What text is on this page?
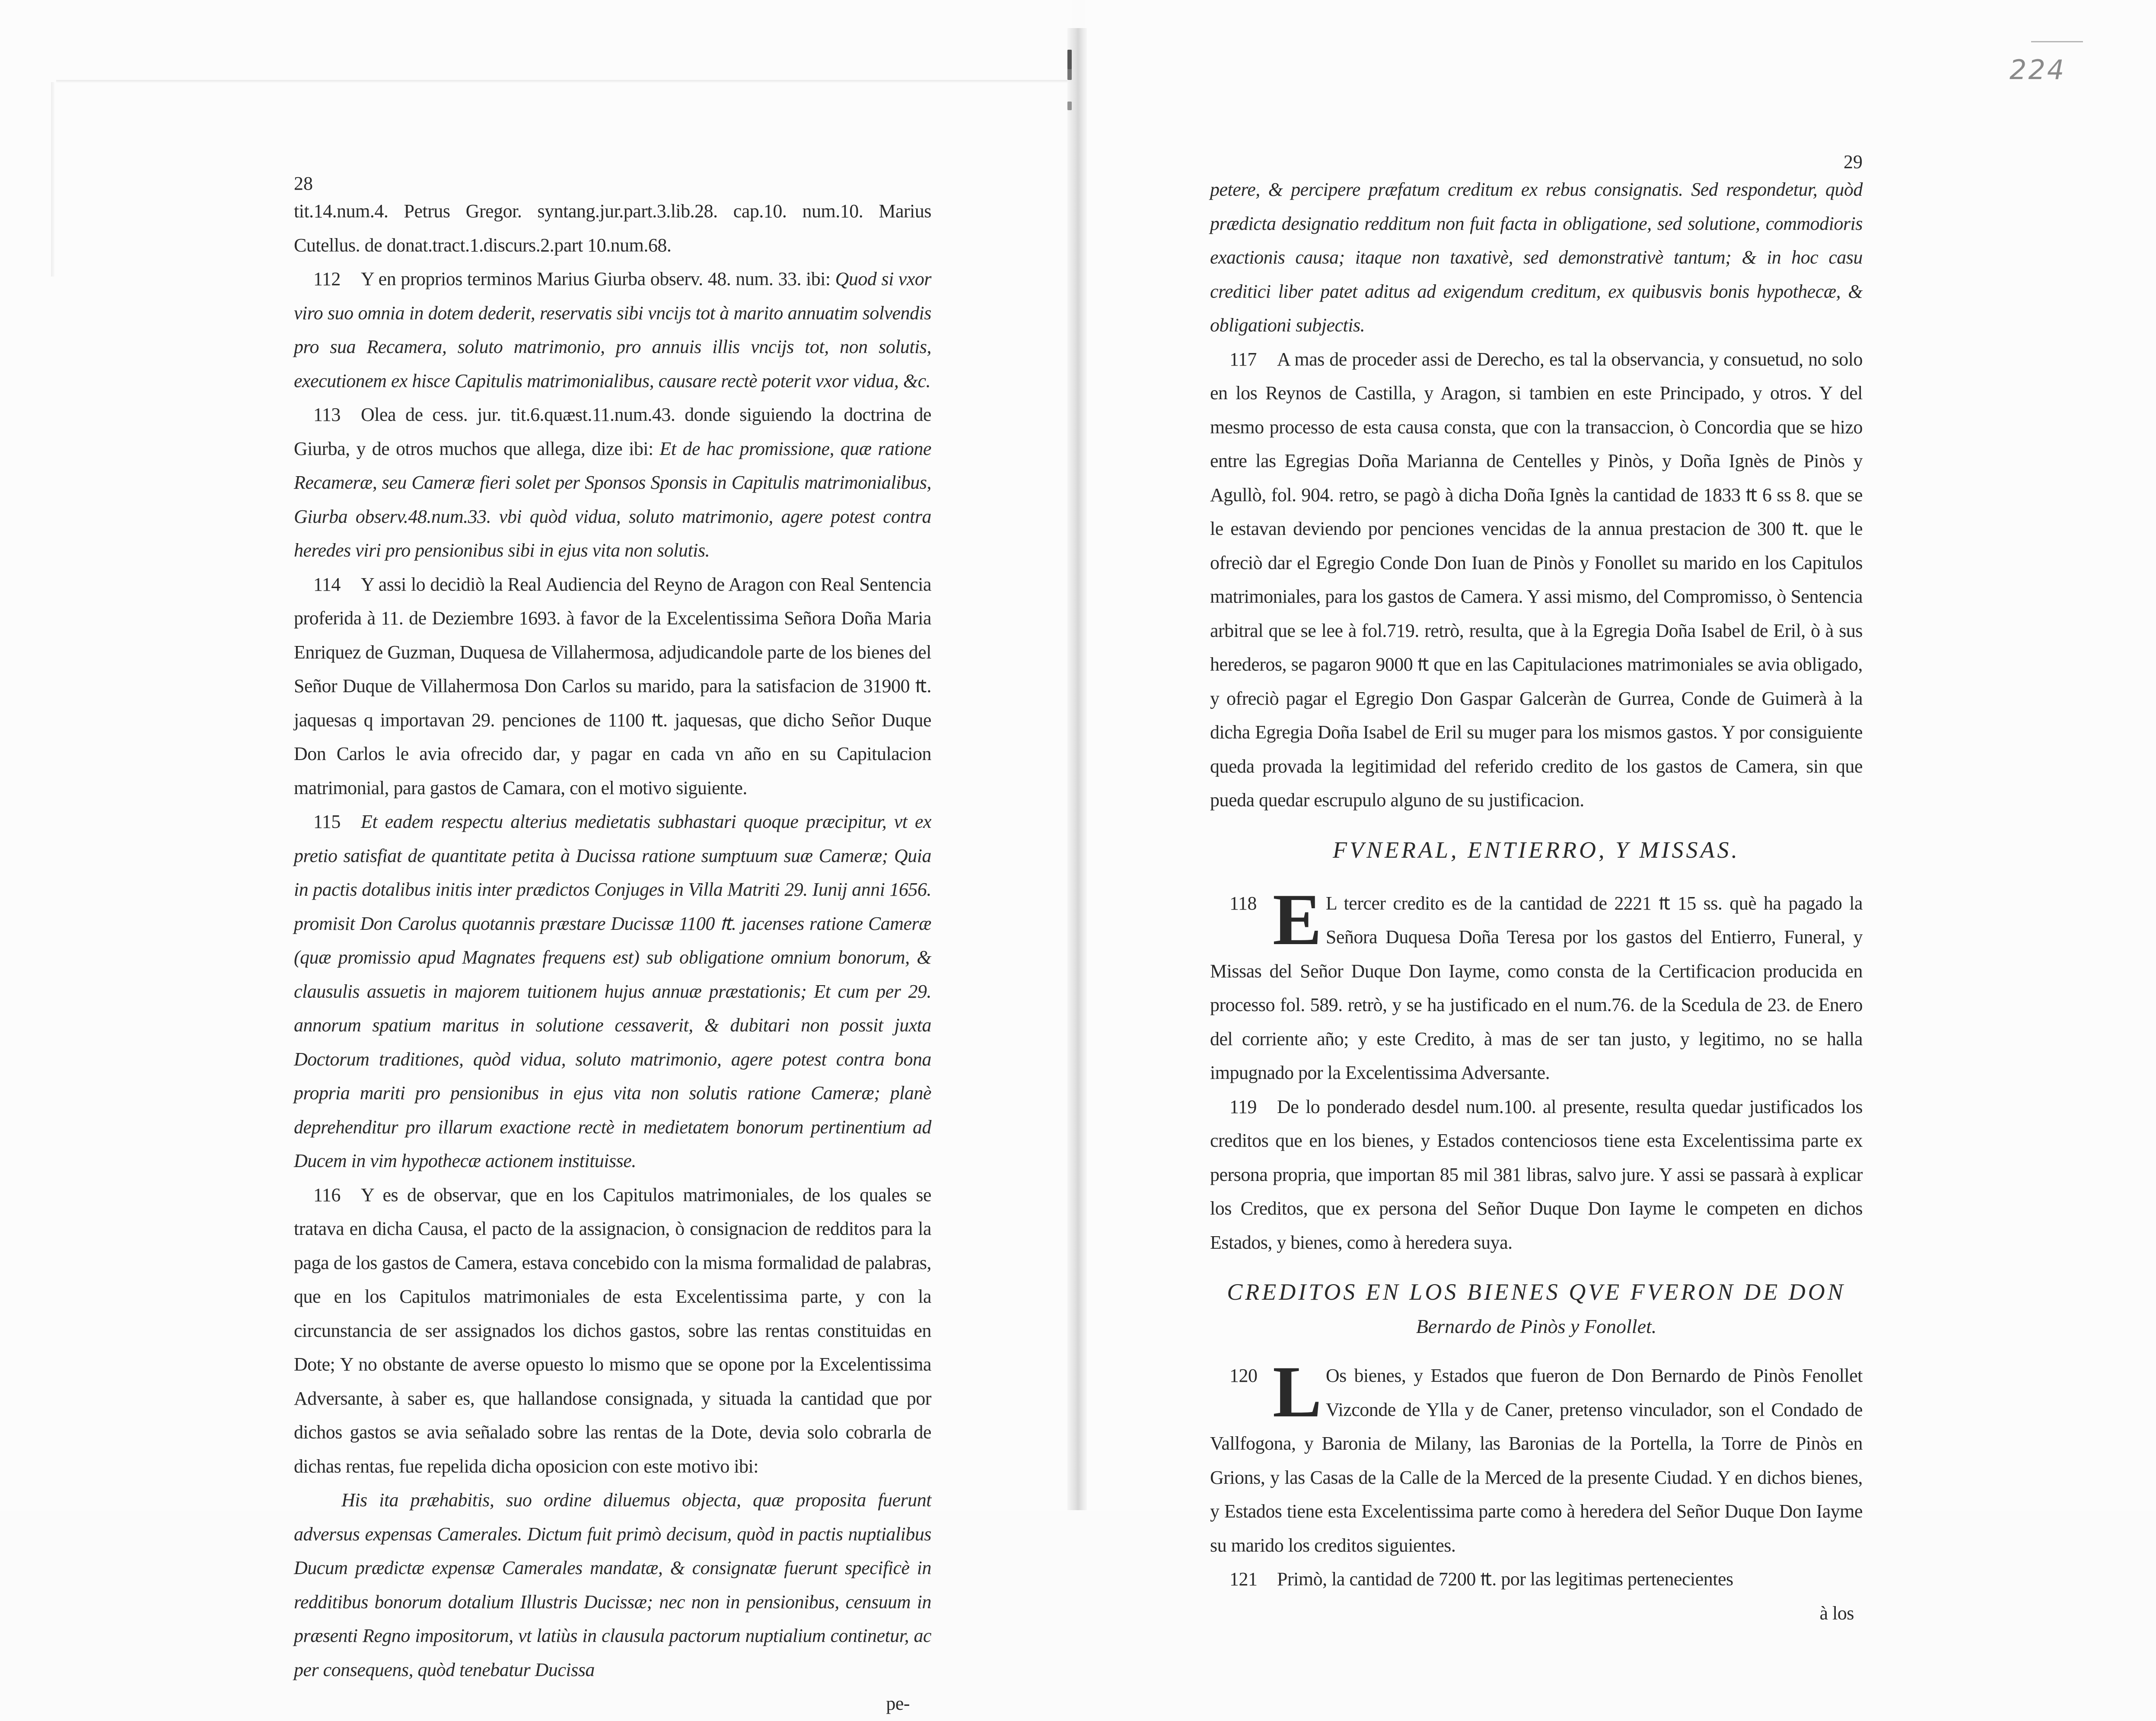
224
28

tit.14.num.4. Petrus Gregor. syntang.jur.part.3.lib.28. cap.10. num.10. Marius Cutellus. de donat.tract.1.discurs.2.part 10.num.68.

112 Y en proprios terminos Marius Giurba observ. 48. num. 33. ibi: Quod si vxor viro suo omnia in dotem dederit, reservatis sibi vncijs tot à marito annuatim solvendis pro sua Recamera, soluto matrimonio, pro annuis illis vncijs tot, non solutis, executionem ex hisce Capitulis matrimonialibus, causare rectè poterit vxor vidua, &c.

113 Olea de cess. jur. tit.6.quæst.11.num.43. donde siguiendo la doctrina de Giurba, y de otros muchos que allega, dize ibi: Et de hac promissione, quæ ratione Recameræ, seu Cameræ fieri solet per Sponsos Sponsis in Capitulis matrimonialibus, Giurba observ.48.num.33. vbi quòd vidua, soluto matrimonio, agere potest contra heredes viri pro pensionibus sibi in ejus vita non solutis.

114 Y assi lo decidiò la Real Audiencia del Reyno de Aragon con Real Sentencia proferida à 11. de Deziembre 1693. à favor de la Excelentissima Señora Doña Maria Enriquez de Guzman, Duquesa de Villahermosa, adjudicandole parte de los bienes del Señor Duque de Villahermosa Don Carlos su marido, para la satisfacion de 31900 ₶. jaquesas q importavan 29. penciones de 1100 ₶. jaquesas, que dicho Señor Duque Don Carlos le avia ofrecido dar, y pagar en cada vn año en su Capitulacion matrimonial, para gastos de Camara, con el motivo siguiente.

115 Et eadem respectu alterius medietatis subhastari quoque præcipitur, vt ex pretio satisfiat de quantitate petita à Ducissa ratione sumptuum suæ Cameræ; Quia in pactis dotalibus initis inter prædictos Conjuges in Villa Matriti 29. Iunij anni 1656. promisit Don Carolus quotannis præstare Ducissæ 1100 ₶. jacenses ratione Cameræ (quæ promissio apud Magnates frequens est) sub obligatione omnium bonorum, & clausulis assuetis in majorem tuitionem hujus annuæ præstationis; Et cum per 29. annorum spatium maritus in solutione cessaverit, & dubitari non possit juxta Doctorum traditiones, quòd vidua, soluto matrimonio, agere potest contra bona propria mariti pro pensionibus in ejus vita non solutis ratione Cameræ; planè deprehenditur pro illarum exactione rectè in medietatem bonorum pertinentium ad Ducem in vim hypothecæ actionem instituisse.

116 Y es de observar, que en los Capitulos matrimoniales, de los quales se tratava en dicha Causa, el pacto de la assignacion, ò consignacion de redditos para la paga de los gastos de Camera, estava concebido con la misma formalidad de palabras, que en los Capitulos matrimoniales de esta Excelentissima parte, y con la circunstancia de ser assignados los dichos gastos, sobre las rentas constituidas en Dote; Y no obstante de averse opuesto lo mismo que se opone por la Excelentissima Adversante, à saber es, que hallandose consignada, y situada la cantidad que por dichos gastos se avia señalado sobre las rentas de la Dote, devia solo cobrarla de dichas rentas, fue repelida dicha oposicion con este motivo ibi:

His ita præhabitis, suo ordine diluemus objecta, quæ proposita fuerunt adversus expensas Camerales. Dictum fuit primò decisum, quòd in pactis nuptialibus Ducum prædictæ expensæ Camerales mandatæ, & consignatæ fuerunt specificè in redditibus bonorum dotalium Illustris Ducissæ; nec non in pensionibus, censuum in præsenti Regno impositorum, vt latiùs in clausula pactorum nuptialium continetur, ac per consequens, quòd tenebatur Ducissa

pe-
29

petere, & percipere præfatum creditum ex rebus consignatis. Sed respondetur, quòd prædicta designatio redditum non fuit facta in obligatione, sed solutione, commodioris exactionis causa; itaque non taxativè, sed demonstrativè tantum; & in hoc casu creditici liber patet aditus ad exigendum creditum, ex quibusvis bonis hypothecæ, & obligationi subjectis.

117 A mas de proceder assi de Derecho, es tal la observancia, y consuetud, no solo en los Reynos de Castilla, y Aragon, si tambien en este Principado, y otros. Y del mesmo processo de esta causa consta, que con la transaccion, ò Concordia que se hizo entre las Egregias Doña Marianna de Centelles y Pinòs, y Doña Ignès de Pinòs y Agullò, fol. 904. retro, se pagò à dicha Doña Ignès la cantidad de 1833 ₶ 6 ss 8. que se le estavan deviendo por penciones vencidas de la annua prestacion de 300 ₶. que le ofreciò dar el Egregio Conde Don Iuan de Pinòs y Fonollet su marido en los Capitulos matrimoniales, para los gastos de Camera. Y assi mismo, del Compromisso, ò Sentencia arbitral que se lee à fol.719. retrò, resulta, que à la Egregia Doña Isabel de Eril, ò à sus herederos, se pagaron 9000 ₶ que en las Capitulaciones matrimoniales se avia obligado, y ofreciò pagar el Egregio Don Gaspar Galceràn de Gurrea, Conde de Guimerà à la dicha Egregia Doña Isabel de Eril su muger para los mismos gastos. Y por consiguiente queda provada la legitimidad del referido credito de los gastos de Camera, sin que pueda quedar escrupulo alguno de su justificacion.

FVNERAL, ENTIERRO, Y MISSAS.
118 E L tercer credito es de la cantidad de 2221 ₶ 15 ss. què ha pagado la Señora Duquesa Doña Teresa por los gastos del Entierro, Funeral, y Missas del Señor Duque Don Iayme, como consta de la Certificacion producida en processo fol. 589. retrò, y se ha justificado en el num.76. de la Scedula de 23. de Enero del corriente año; y este Credito, à mas de ser tan justo, y legitimo, no se halla impugnado por la Excelentissima Adversante.

119 De lo ponderado desdel num.100. al presente, resulta quedar justificados los creditos que en los bienes, y Estados contenciosos tiene esta Excelentissima parte ex persona propria, que importan 85 mil 381 libras, salvo jure. Y assi se passarà à explicar los Creditos, que ex persona del Señor Duque Don Iayme le competen en dichos Estados, y bienes, como à heredera suya.

CREDITOS EN LOS BIENES QVE FVERON DE DON
Bernardo de Pinòs y Fonollet.
120 L Os bienes, y Estados que fueron de Don Bernardo de Pinòs Fenollet Vizconde de Ylla y de Caner, pretenso vinculador, son el Condado de Vallfogona, y Baronia de Milany, las Baronias de la Portella, la Torre de Pinòs en Grions, y las Casas de la Calle de la Merced de la presente Ciudad. Y en dichos bienes, y Estados tiene esta Excelentissima parte como à heredera del Señor Duque Don Iayme su marido los creditos siguientes.

121 Primò, la cantidad de 7200 ₶. por las legitimas pertenecientes

à los
